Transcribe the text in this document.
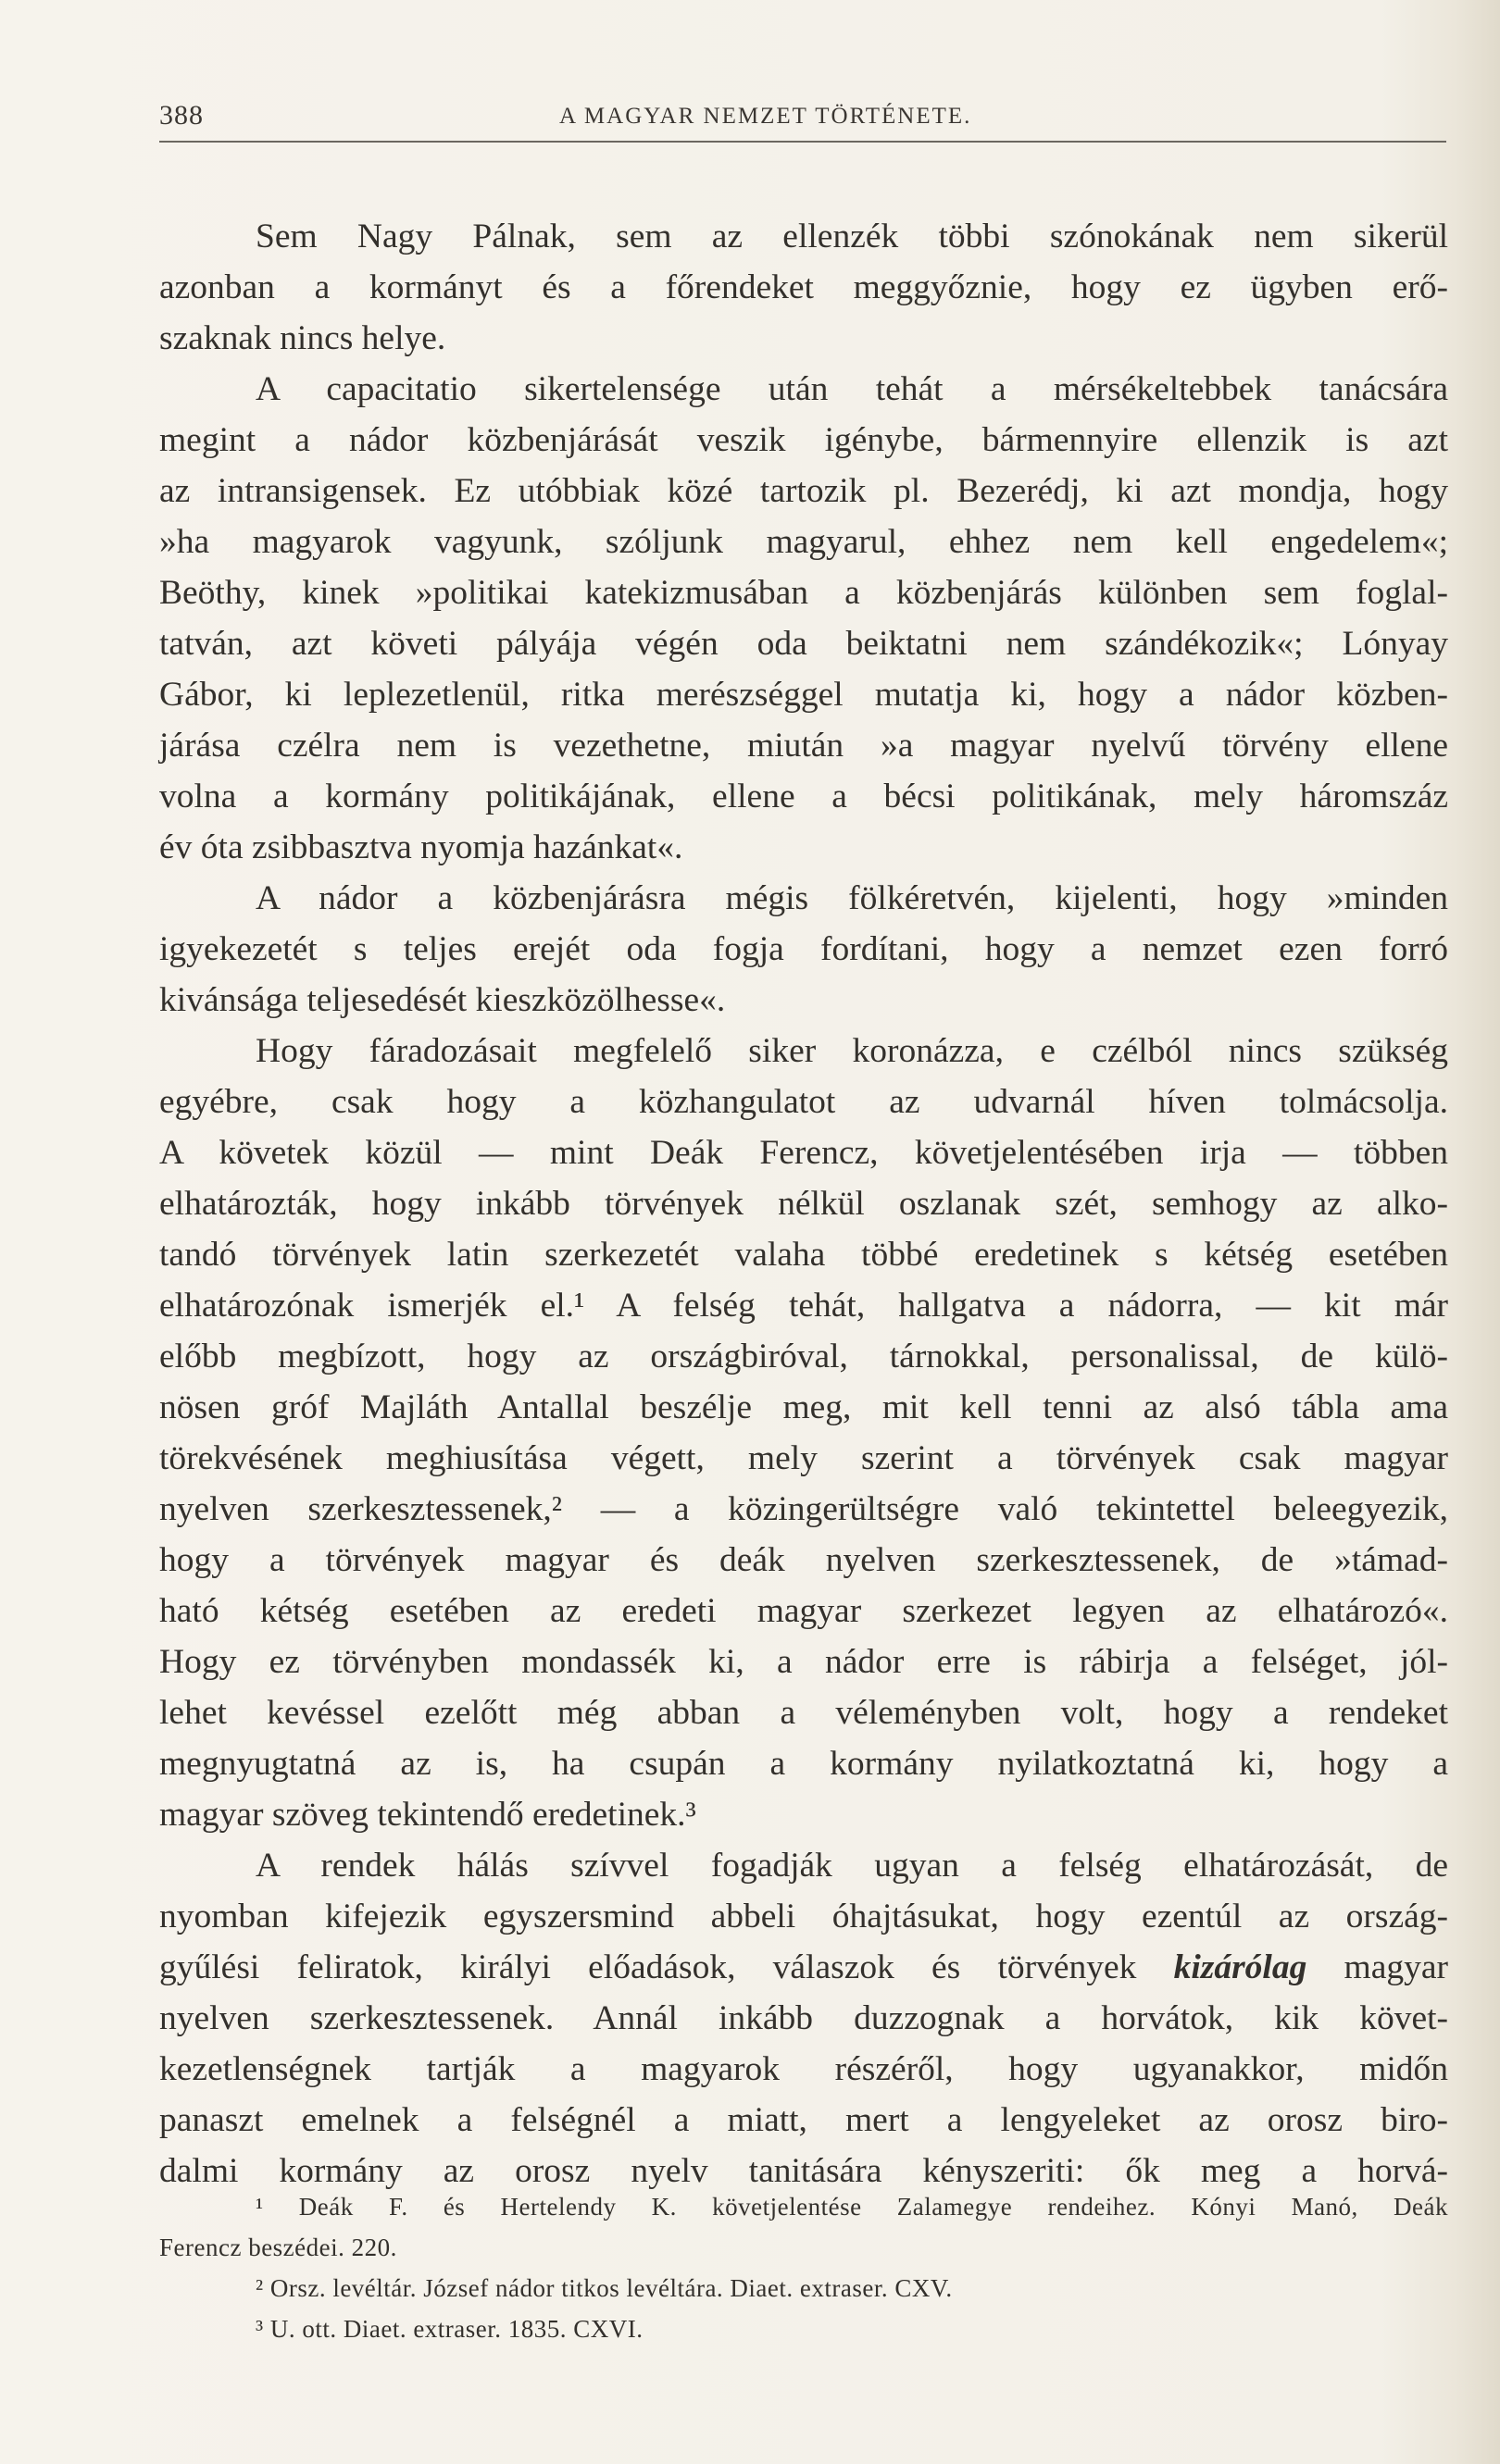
388	A MAGYAR NEMZET TÖRTÉNETE.
Sem Nagy Pálnak, sem az ellenzék többi szónokának nem sikerül
azonban a kormányt és a főrendeket meggyőznie, hogy ez ügyben erő-
szaknak nincs helye.
A capacitatio sikertelensége után tehát a mérsékeltebbek tanácsára
megint a nádor közbenjárását veszik igénybe, bármennyire ellenzik is azt
az intransigensek. Ez utóbbiak közé tartozik pl. Bezerédj, ki azt mondja, hogy
»ha magyarok vagyunk, szóljunk magyarul, ehhez nem kell engedelem«;
Beöthy, kinek »politikai katekizmusában a közbenjárás különben sem foglal-
tatván, azt követi pályája végén oda beiktatni nem szándékozik«; Lónyay
Gábor, ki leplezetlenül, ritka merészséggel mutatja ki, hogy a nádor közben-
járása czélra nem is vezethetne, miután »a magyar nyelvű törvény ellene
volna a kormány politikájának, ellene a bécsi politikának, mely háromszáz
év óta zsibbasztva nyomja hazánkat«.
A nádor a közbenjárásra mégis fölkéretvén, kijelenti, hogy »minden
igyekezetét s teljes erejét oda fogja fordítani, hogy a nemzet ezen forró
kivánsága teljesedését kieszközölhesse«.
Hogy fáradozásait megfelelő siker koronázza, e czélból nincs szükség
egyébre, csak hogy a közhangulatot az udvarnál híven tolmácsolja.
A követek közül — mint Deák Ferencz, követjelentésében irja — többen
elhatározták, hogy inkább törvények nélkül oszlanak szét, semhogy az alko-
tandó törvények latin szerkezetét valaha többé eredetinek s kétség esetében
elhatározónak ismerjék el.¹ A felség tehát, hallgatva a nádorra, — kit már
előbb megbízott, hogy az országbiróval, tárnokkal, personalissal, de külö-
nösen gróf Majláth Antallal beszélje meg, mit kell tenni az alsó tábla ama
törekvésének meghiusítása végett, mely szerint a törvények csak magyar
nyelven szerkesztessenek,² — a közingerültségre való tekintettel beleegyezik,
hogy a törvények magyar és deák nyelven szerkesztessenek, de »támad-
ható kétség esetében az eredeti magyar szerkezet legyen az elhatározó«.
Hogy ez törvényben mondassék ki, a nádor erre is rábirja a felséget, jól-
lehet kevéssel ezelőtt még abban a véleményben volt, hogy a rendeket
megnyugtatná az is, ha csupán a kormány nyilatkoztatná ki, hogy a
magyar szöveg tekintendő eredetinek.³
A rendek hálás szívvel fogadják ugyan a felség elhatározását, de
nyomban kifejezik egyszersmind abbeli óhajtásukat, hogy ezentúl az ország-
gyűlési feliratok, királyi előadások, válaszok és törvények kizárólag magyar
nyelven szerkesztessenek. Annál inkább duzzognak a horvátok, kik követ-
kezetlenségnek tartják a magyarok részéről, hogy ugyanakkor, midőn
panaszt emelnek a felségnél a miatt, mert a lengyeleket az orosz biro-
dalmi kormány az orosz nyelv tanitására kényszeriti: ők meg a horvá-
¹ Deák F. és Hertelendy K. követjelentése Zalamegye rendeihez. Kónyi Manó, Deák
Ferencz beszédei. 220.
² Orsz. levéltár. József nádor titkos levéltára. Diaet. extraser. CXV.
³ U. ott. Diaet. extraser. 1835. CXVI.
